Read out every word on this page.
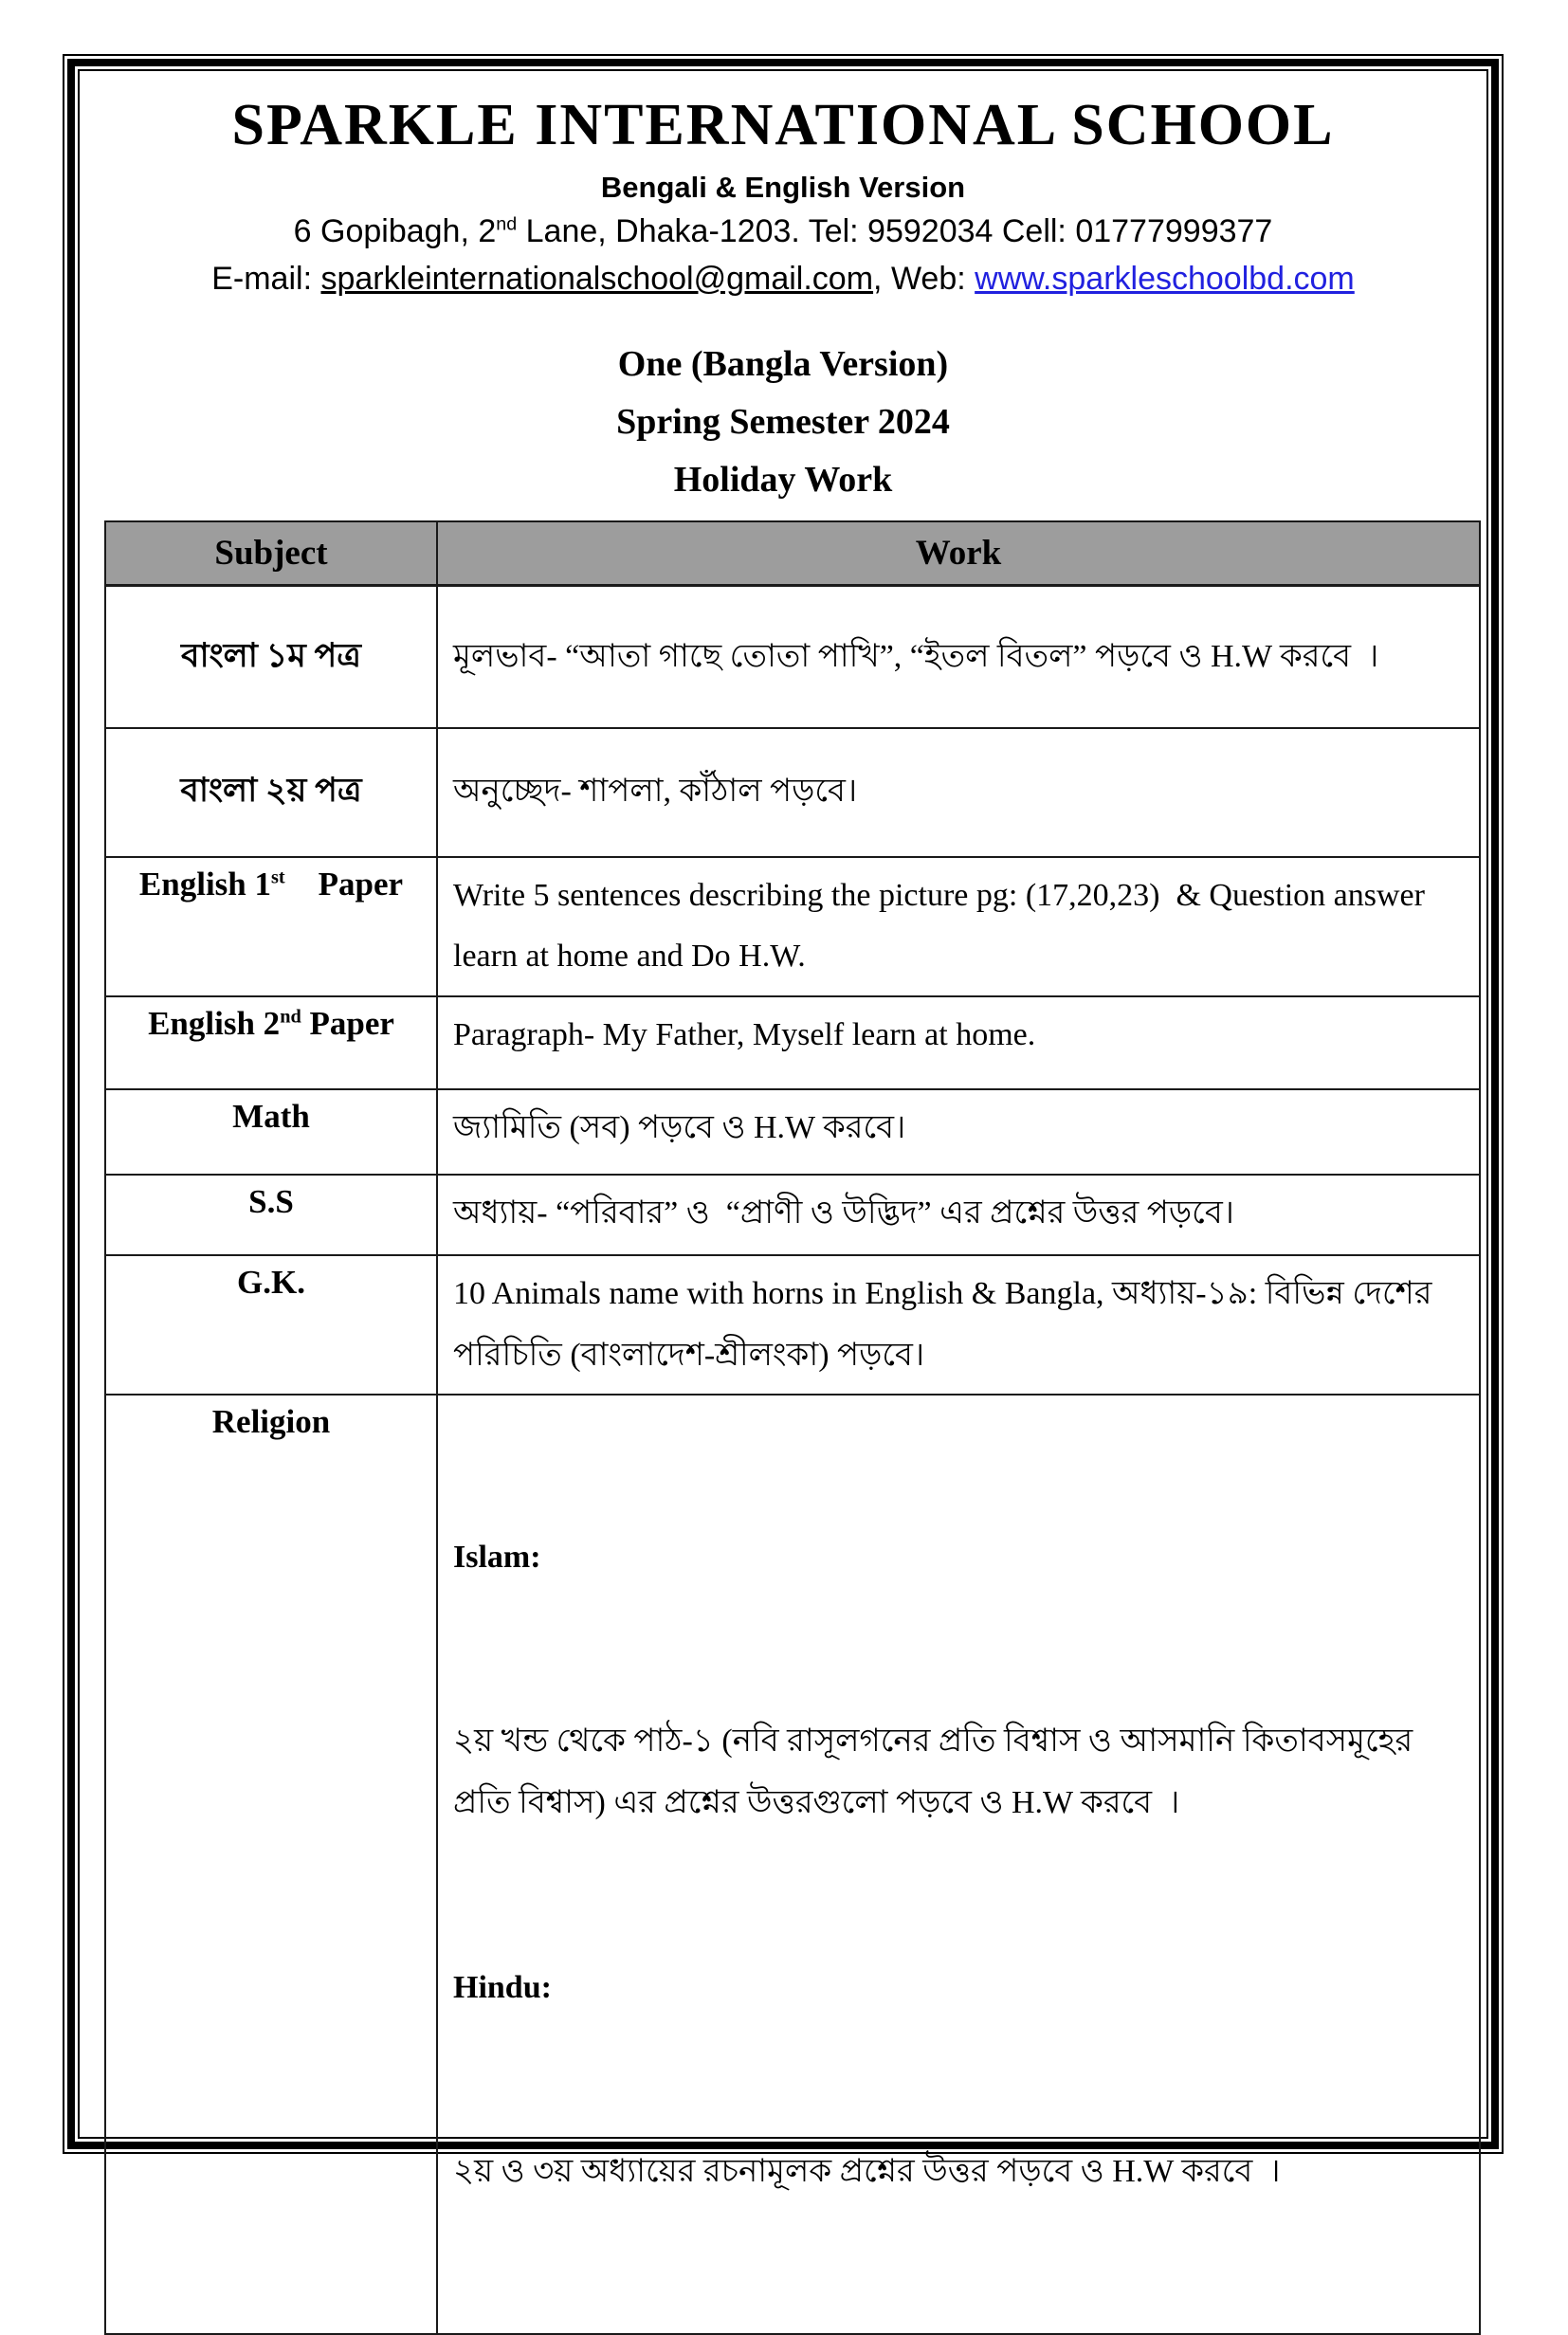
SPARKLE INTERNATIONAL SCHOOL
Bengali & English Version
6 Gopibagh, 2nd Lane, Dhaka-1203. Tel: 9592034 Cell: 01777999377
E-mail: sparkleinternationalschool@gmail.com, Web: www.sparkleschoolbd.com
One (Bangla Version)
Spring Semester 2024
Holiday Work
Subject	Work
বাংলা ১ম পত্র	মূলভাব- “আতা গাছে তোতা পাখি”, “ইতল বিতল” পড়বে ও H.W করবে  ।
বাংলা ২য় পত্র	অনুচ্ছেদ- শাপলা, কাঁঠাল পড়বে।
English 1st    Paper	Write 5 sentences describing the picture pg: (17,20,23)  & Question answer learn at home and Do H.W.
English 2nd Paper	Paragraph- My Father, Myself learn at home.
Math	জ্যামিতি (সব) পড়বে ও H.W করবে।
S.S	অধ্যায়- “পরিবার” ও  “প্রাণী ও উদ্ভিদ” এর প্রশ্নের উত্তর পড়বে।
G.K.	10 Animals name with horns in English & Bangla, অধ্যায়-১৯: বিভিন্ন দেশের পরিচিতি (বাংলাদেশ-শ্রীলংকা) পড়বে।
Religion	Islam:

২য় খন্ড থেকে পাঠ-১ (নবি রাসূলগনের প্রতি বিশ্বাস ও আসমানি কিতাবসমূহের প্রতি বিশ্বাস) এর প্রশ্নের উত্তরগুলো পড়বে ও H.W করবে  ।

Hindu:

২য় ও ৩য় অধ্যায়ের রচনামূলক প্রশ্নের উত্তর পড়বে ও H.W করবে  ।
